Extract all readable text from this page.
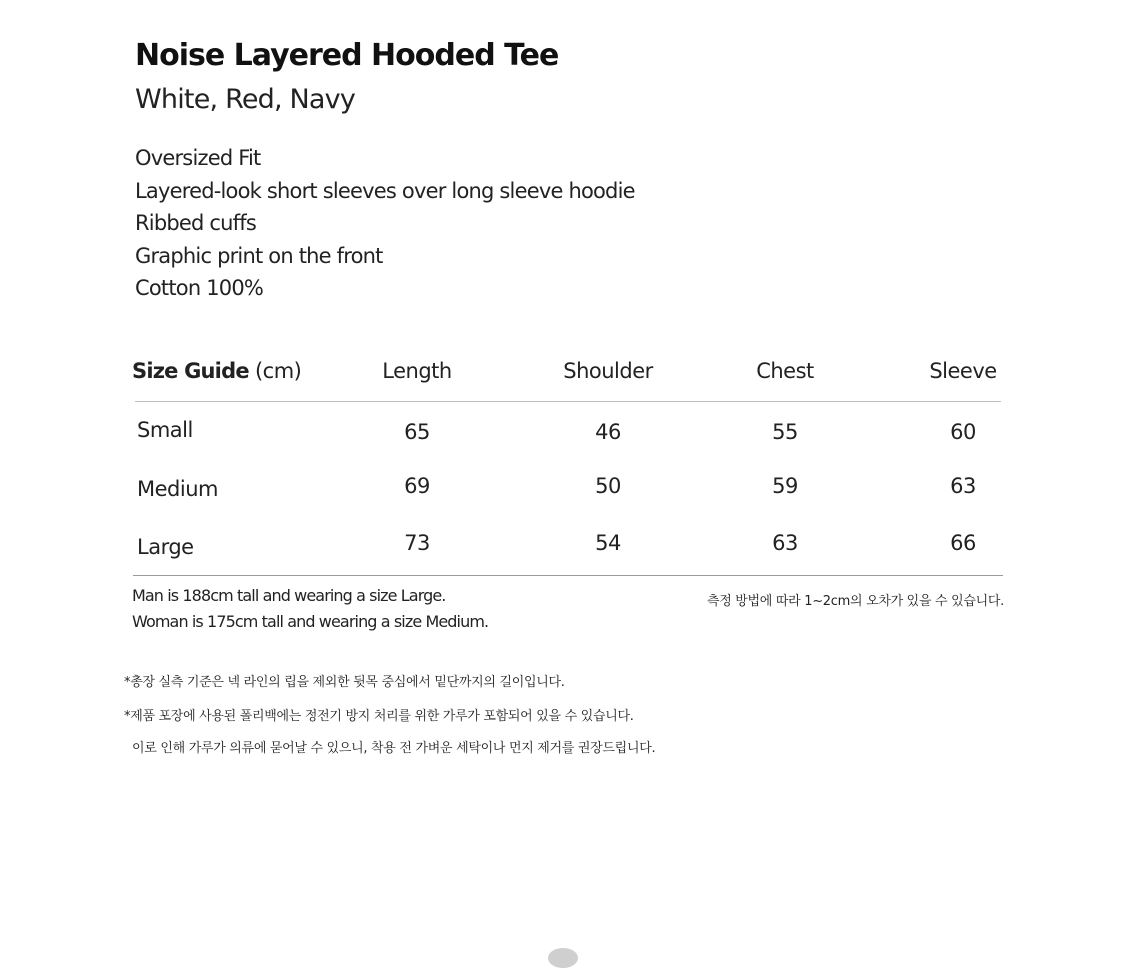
Noise Layered Hooded Tee
White, Red, Navy
Oversized Fit
Layered-look short sleeves over long sleeve hoodie
Ribbed cuffs
Graphic print on the front
Cotton 100%
Size Guide (cm)	Length	Shoulder	Chest	Sleeve
Small	65	46	55	60
Medium	69	50	59	63
Large	73	54	63	66
Man is 188cm tall and wearing a size Large.
Woman is 175cm tall and wearing a size Medium.
측정 방법에 따라 1~2cm의 오차가 있을 수 있습니다.
*총장 실측 기준은 넥 라인의 립을 제외한 뒷목 중심에서 밑단까지의 길이입니다.
*제품 포장에 사용된 폴리백에는 정전기 방지 처리를 위한 가루가 포함되어 있을 수 있습니다.
이로 인해 가루가 의류에 묻어날 수 있으니, 착용 전 가벼운 세탁이나 먼지 제거를 권장드립니다.
